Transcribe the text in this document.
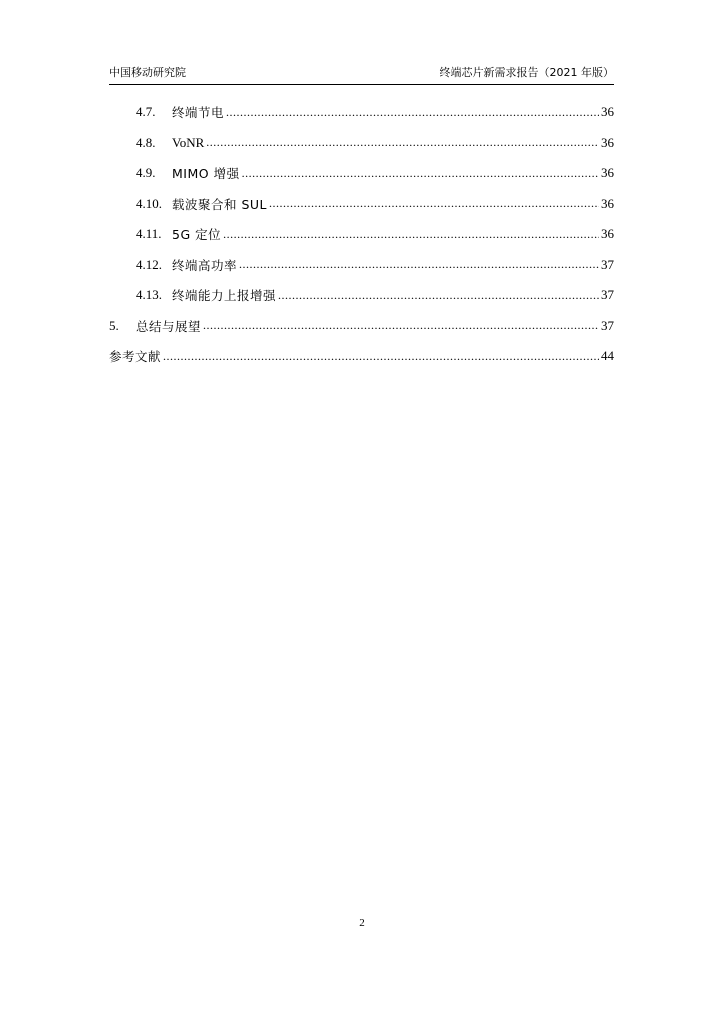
中国移动研究院	终端芯片新需求报告（2021 年版）
4.7.	终端节电 .....	36
4.8.	VoNR .....	36
4.9.	MIMO 增强 .....	36
4.10. 载波聚合和 SUL .....	36
4.11. 5G 定位 .....	36
4.12. 终端高功率 .....	37
4.13. 终端能力上报增强 .....	37
5.	总结与展望 .....	37
参考文献 .....	44
2
